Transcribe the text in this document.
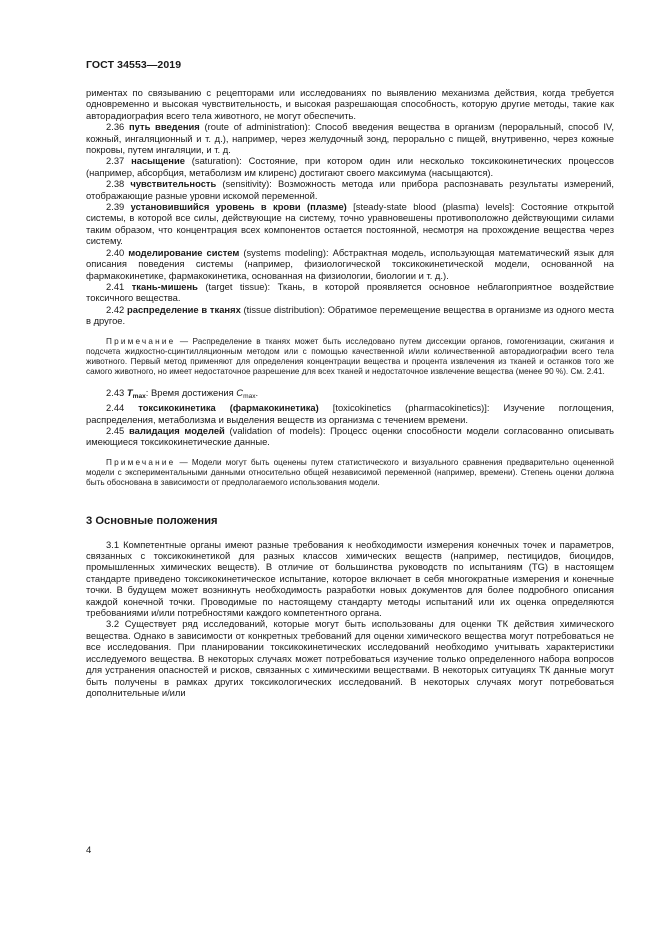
ГОСТ 34553—2019

риментах по связыванию с рецепторами или исследованиях по выявлению механизма действия, когда требуется одновременно и высокая чувствительность, и высокая разрешающая способность, которую другие методы, такие как авторадиография всего тела животного, не могут обеспечить.

2.36 путь введения (route of administration): Способ введения вещества в организм (пероральный, способ IV, кожный, ингаляционный и т. д.), например, через желудочный зонд, перорально с пищей, внутривенно, через кожные покровы, путем ингаляции, и т. д.

2.37 насыщение (saturation): Состояние, при котором один или несколько токсикокинетических процессов (например, абсорбция, метаболизм им клиренс) достигают своего максимума (насыщаются).

2.38 чувствительность (sensitivity): Возможность метода или прибора распознавать результаты измерений, отображающие разные уровни искомой переменной.

2.39 установившийся уровень в крови (плазме) [steady-state blood (plasma) levels]: Состояние открытой системы, в которой все силы, действующие на систему, точно уравновешены противоположно действующими силами таким образом, что концентрация всех компонентов остается постоянной, несмотря на прохождение вещества через систему.

2.40 моделирование систем (systems modeling): Абстрактная модель, использующая математический язык для описания поведения системы (например, физиологической токсикокинетической модели, основанной на фармакокинетике, фармакокинетика, основанная на физиологии, биологии и т. д.).

2.41 ткань-мишень (target tissue): Ткань, в которой проявляется основное неблагоприятное воздействие токсичного вещества.

2.42 распределение в тканях (tissue distribution): Обратимое перемещение вещества в организме из одного места в другое.

Примечание — Распределение в тканях может быть исследовано путем диссекции органов, гомогенизации, сжигания и подсчета жидкостно-сцинтилляционным методом или с помощью качественной и/или количественной авторадиографии всего тела животного. Первый метод применяют для определения концентрации вещества и процента извлечения из тканей и останков того же самого животного, но имеет недостаточное разрешение для всех тканей и недостаточное извлечение вещества (менее 90 %). См. 2.41.

2.43 $T_{max}$: Время достижения $C_{max}$.

2.44 токсикокинетика (фармакокинетика) [toxicokinetics (pharmacokinetics)]: Изучение поглощения, распределения, метаболизма и выделения веществ из организма с течением времени.

2.45 валидация моделей (validation of models): Процесс оценки способности модели согласованно описывать имеющиеся токсикокинетические данные.

Примечание — Модели могут быть оценены путем статистического и визуального сравнения предварительно оцененной модели с экспериментальными данными относительно общей независимой переменной (например, времени). Степень оценки должна быть обоснована в зависимости от предполагаемого использования модели.

3 Основные положения

3.1 Компетентные органы имеют разные требования к необходимости измерения конечных точек и параметров, связанных с токсикокинетикой для разных классов химических веществ (например, пестицидов, биоцидов, промышленных химических веществ). В отличие от большинства руководств по испытаниям (TG) в настоящем стандарте приведено токсикокинетическое испытание, которое включает в себя многократные измерения и конечные точки. В будущем может возникнуть необходимость разработки новых документов для более подробного описания каждой конечной точки. Проводимые по настоящему стандарту методы испытаний или их оценка определяются требованиями и/или потребностями каждого компетентного органа.

3.2 Существует ряд исследований, которые могут быть использованы для оценки ТК действия химического вещества. Однако в зависимости от конкретных требований для оценки химического вещества могут потребоваться не все исследования. При планировании токсикокинетических исследований необходимо учитывать характеристики исследуемого вещества. В некоторых случаях может потребоваться изучение только определенного набора вопросов для устранения опасностей и рисков, связанных с химическими веществами. В некоторых ситуациях ТК данные могут быть получены в рамках других токсикологических исследований. В некоторых случаях могут потребоваться дополнительные и/или

4
